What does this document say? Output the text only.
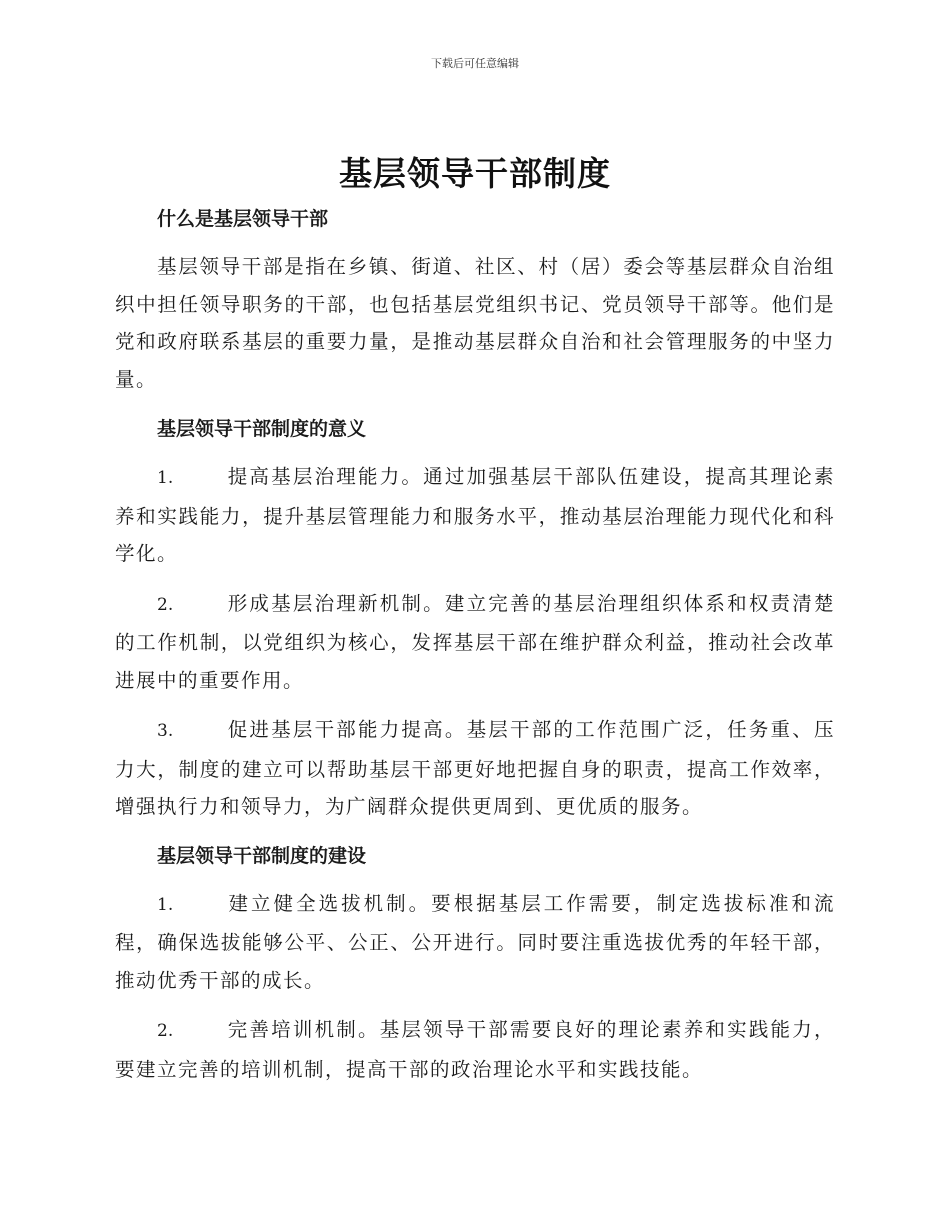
下载后可任意编辑
基层领导干部制度

什么是基层领导干部

基层领导干部是指在乡镇、街道、社区、村（居）委会等基层群众自治组织中担任领导职务的干部，也包括基层党组织书记、党员领导干部等。他们是党和政府联系基层的重要力量，是推动基层群众自治和社会管理服务的中坚力量。

基层领导干部制度的意义

1.	提高基层治理能力。通过加强基层干部队伍建设，提高其理论素养和实践能力，提升基层管理能力和服务水平，推动基层治理能力现代化和科学化。

2.	形成基层治理新机制。建立完善的基层治理组织体系和权责清楚的工作机制，以党组织为核心，发挥基层干部在维护群众利益，推动社会改革进展中的重要作用。

3.	促进基层干部能力提高。基层干部的工作范围广泛，任务重、压力大，制度的建立可以帮助基层干部更好地把握自身的职责，提高工作效率，增强执行力和领导力，为广阔群众提供更周到、更优质的服务。

基层领导干部制度的建设

1.	建立健全选拔机制。要根据基层工作需要，制定选拔标准和流程，确保选拔能够公平、公正、公开进行。同时要注重选拔优秀的年轻干部，推动优秀干部的成长。

2.	完善培训机制。基层领导干部需要良好的理论素养和实践能力，要建立完善的培训机制，提高干部的政治理论水平和实践技能。
